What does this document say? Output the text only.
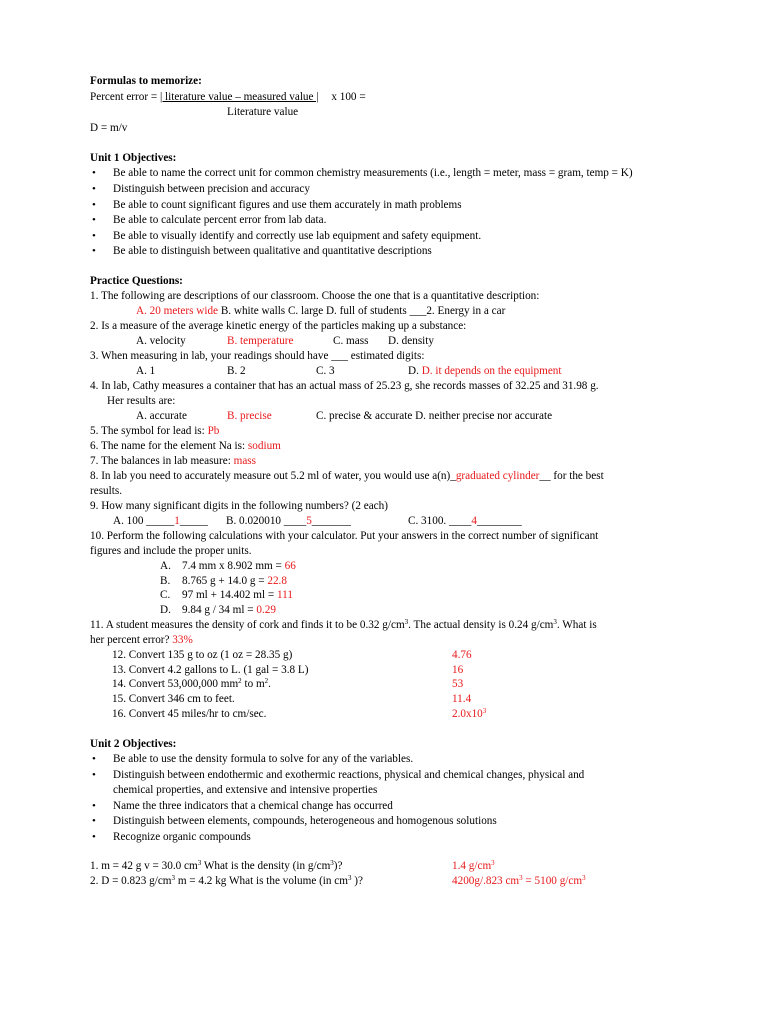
Formulas to memorize:
Percent error = | literature value – measured value | x 100 =
Literature value
D = m/v
Unit 1 Objectives:
• Be able to name the correct unit for common chemistry measurements (i.e., length = meter, mass = gram, temp = K)
• Distinguish between precision and accuracy
• Be able to count significant figures and use them accurately in math problems
• Be able to calculate percent error from lab data.
• Be able to visually identify and correctly use lab equipment and safety equipment.
• Be able to distinguish between qualitative and quantitative descriptions
Practice Questions:
1. The following are descriptions of our classroom. Choose the one that is a quantitative description:
A. 20 meters wide B. white walls C. large D. full of students ___2. Energy in a car
2. Is a measure of the average kinetic energy of the particles making up a substance:
A. velocity	B. temperature	C. mass D. density
3. When measuring in lab, your readings should have ___ estimated digits:
A. 1	B. 2	C. 3	D. D. it depends on the equipment
4. In lab, Cathy measures a container that has an actual mass of 25.23 g, she records masses of 32.25 and 31.98 g.
Her results are:
A. accurate	B. precise	C. precise & accurate D. neither precise nor accurate
5. The symbol for lead is: Pb
6. The name for the element Na is: sodium
7. The balances in lab measure: mass
8. In lab you need to accurately measure out 5.2 ml of water, you would use a(n)_graduated cylinder__ for the best
results.
9. How many significant digits in the following numbers? (2 each)
A. 100 _____1_____ B. 0.020010 ____5_______	C. 3100. ____4________
10. Perform the following calculations with your calculator. Put your answers in the correct number of significant
figures and include the proper units.
A. 7.4 mm x 8.902 mm = 66
B. 8.765 g + 14.0 g = 22.8
C. 97 ml + 14.402 ml = 111
D. 9.84 g / 34 ml = 0.29
11. A student measures the density of cork and finds it to be 0.32 $g/cm^3$. The actual density is 0.24 $g/cm^3$. What is
her percent error? 33%
12. Convert 135 g to oz (1 oz = 28.35 g)	4.76
13. Convert 4.2 gallons to L. (1 gal = 3.8 L)	16
14. Convert 53,000,000 $mm^2$ to $m^2$.	53
15. Convert 346 cm to feet.	11.4
16. Convert 45 miles/hr to cm/sec.	$2.0x10^3$
Unit 2 Objectives:
• Be able to use the density formula to solve for any of the variables.
• Distinguish between endothermic and exothermic reactions, physical and chemical changes, physical and
chemical properties, and extensive and intensive properties
• Name the three indicators that a chemical change has occurred
• Distinguish between elements, compounds, heterogeneous and homogenous solutions
• Recognize organic compounds
1. m = 42 g v = 30.0 $cm^3$ What is the density (in $g/cm^3$)?	1.4 $g/cm^3$
2. D = 0.823 $g/cm^3$ m = 4.2 kg What is the volume (in $cm^3$ )?	4200g/.823 $cm^3 = 5100$ $g/cm^3$
